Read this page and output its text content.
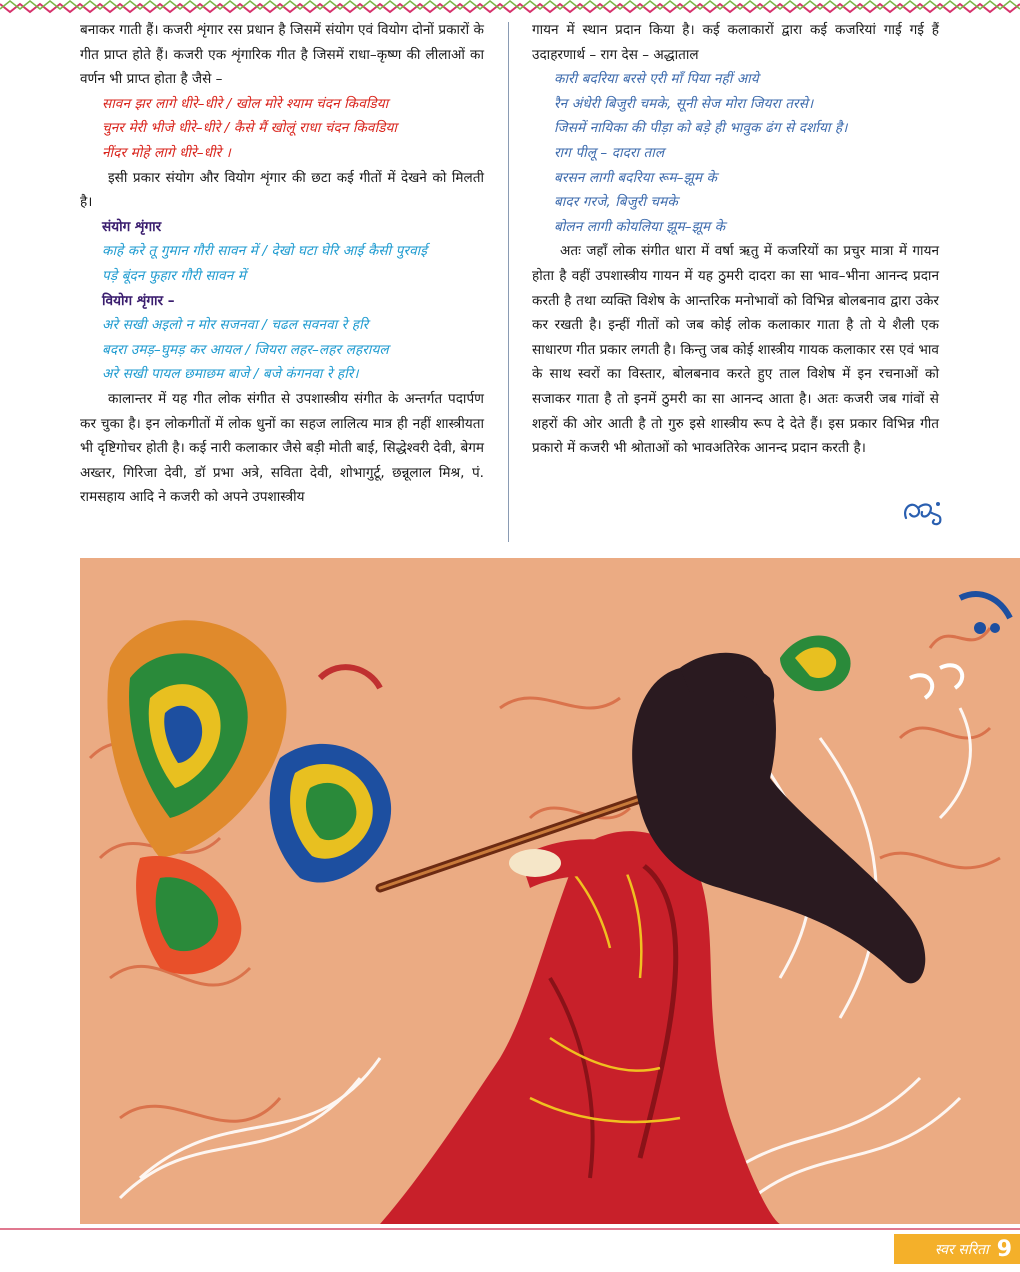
बनाकर गाती हैं। कजरी शृंगार रस प्रधान है जिसमें संयोग एवं वियोग दोनों प्रकारों के गीत प्राप्त होते हैं। कजरी एक शृंगारिक गीत है जिसमें राधा–कृष्ण की लीलाओं का वर्णन भी प्राप्त होता है जैसे –

सावन झर लागे धीरे–धीरे / खोल मोरे श्याम चंदन किवडिया

चुनर मेरी भीजे धीरे–धीरे / कैसे मैं खोलूं राधा चंदन किवडिया

नींदर मोहे लागे धीरे–धीरे ।

इसी प्रकार संयोग और वियोग शृंगार की छटा कई गीतों में देखने को मिलती है।

संयोग शृंगार

काहे करे तू गुमान गौरी सावन में / देखो घटा घेरि आई कैसी पुरवाई

पड़े बूंदन फुहार गौरी सावन में

वियोग शृंगार –

अरे सखी अइलो न मोर सजनवा / चढल सवनवा रे हरि

बदरा उमड़–घुमड़ कर आयल / जियरा लहर–लहर लहरायल

अरे सखी पायल छमाछम बाजे / बजे कंगनवा रे हरि।

कालान्तर में यह गीत लोक संगीत से उपशास्त्रीय संगीत के अन्तर्गत पदार्पण कर चुका है। इन लोकगीतों में लोक धुनों का सहज लालित्य मात्र ही नहीं शास्त्रीयता भी दृष्टिगोचर होती है। कई नारी कलाकार जैसे बड़ी मोती बाई, सिद्धेश्वरी देवी, बेगम अख्तर, गिरिजा देवी, डॉ प्रभा अत्रे, सविता देवी, शोभागुर्टू, छन्नूलाल मिश्र, पं. रामसहाय आदि ने कजरी को अपने उपशास्त्रीय

गायन में स्थान प्रदान किया है। कई कलाकारों द्वारा कई कजरियां गाई गई हैं उदाहरणार्थ – राग देस – अद्धाताल

कारी बदरिया बरसे एरी माँ पिया नहीं आये

रैन अंधेरी बिजुरी चमके, सूनी सेज मोरा जियरा तरसे।

जिसमें नायिका की पीड़ा को बड़े ही भावुक ढंग से दर्शाया है।

राग पीलू – दादरा ताल

बरसन लागी बदरिया रूम–झूम के

बादर गरजे, बिजुरी चमके

बोलन लागी कोयलिया झूम–झूम के

अतः जहाँ लोक संगीत धारा में वर्षा ऋतु में कजरियों का प्रचुर मात्रा में गायन होता है वहीं उपशास्त्रीय गायन में यह ठुमरी दादरा का सा भाव–भीना आनन्द प्रदान करती है तथा व्यक्ति विशेष के आन्तरिक मनोभावों को विभिन्न बोलबनाव द्वारा उकेर कर रखती है। इन्हीं गीतों को जब कोई लोक कलाकार गाता है तो ये शैली एक साधारण गीत प्रकार लगती है। किन्तु जब कोई शास्त्रीय गायक कलाकार रस एवं भाव के साथ स्वरों का विस्तार, बोलबनाव करते हुए ताल विशेष में इन रचनाओं को सजाकर गाता है तो इनमें ठुमरी का सा आनन्द आता है। अतः कजरी जब गांवों से शहरों की ओर आती है तो गुरु इसे शास्त्रीय रूप दे देते हैं। इस प्रकार विभिन्न गीत प्रकारो में कजरी भी श्रोताओं को भावअतिरेक आनन्द प्रदान करती है।

स्वर सरिता 9
